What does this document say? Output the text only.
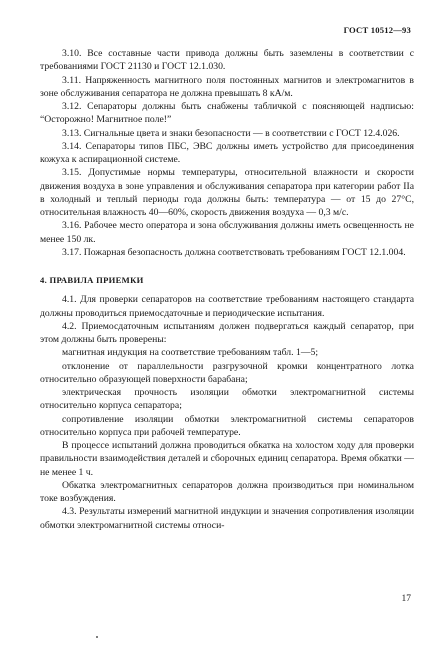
ГОСТ 10512—93

3.10. Все составные части привода должны быть заземлены в соответствии с требованиями ГОСТ 21130 и ГОСТ 12.1.030.

3.11. Напряженность магнитного поля постоянных магнитов и электромагнитов в зоне обслуживания сепаратора не должна превышать 8 кА/м.

3.12. Сепараторы должны быть снабжены табличкой с поясняющей надписью: “Осторожно! Магнитное поле!”

3.13. Сигнальные цвета и знаки безопасности — в соответствии с ГОСТ 12.4.026.

3.14. Сепараторы типов ПБС, ЭВС должны иметь устройство для присоединения кожуха к аспирационной системе.

3.15. Допустимые нормы температуры, относительной влажности и скорости движения воздуха в зоне управления и обслуживания сепаратора при категории работ IIа в холодный и теплый периоды года должны быть: температура — от 15 до 27°С, относительная влажность 40—60%, скорость движения воздуха — 0,3 м/с.

3.16. Рабочее место оператора и зона обслуживания должны иметь освещенность не менее 150 лк.

3.17. Пожарная безопасность должна соответствовать требованиям ГОСТ 12.1.004.

4. ПРАВИЛА ПРИЕМКИ

4.1. Для проверки сепараторов на соответствие требованиям настоящего стандарта должны проводиться приемосдаточные и периодические испытания.

4.2. Приемосдаточным испытаниям должен подвергаться каждый сепаратор, при этом должны быть проверены:

магнитная индукция на соответствие требованиям табл. 1—5;

отклонение от параллельности разгрузочной кромки концентратного лотка относительно образующей поверхности барабана;

электрическая прочность изоляции обмотки электромагнитной системы относительно корпуса сепаратора;

сопротивление изоляции обмотки электромагнитной системы сепараторов относительно корпуса при рабочей температуре.

В процессе испытаний должна проводиться обкатка на холостом ходу для проверки правильности взаимодействия деталей и сборочных единиц сепаратора. Время обкатки — не менее 1 ч.

Обкатка электромагнитных сепараторов должна производиться при номинальном токе возбуждения.

4.3. Результаты измерений магнитной индукции и значения сопротивления изоляции обмотки электромагнитной системы относи-

17
